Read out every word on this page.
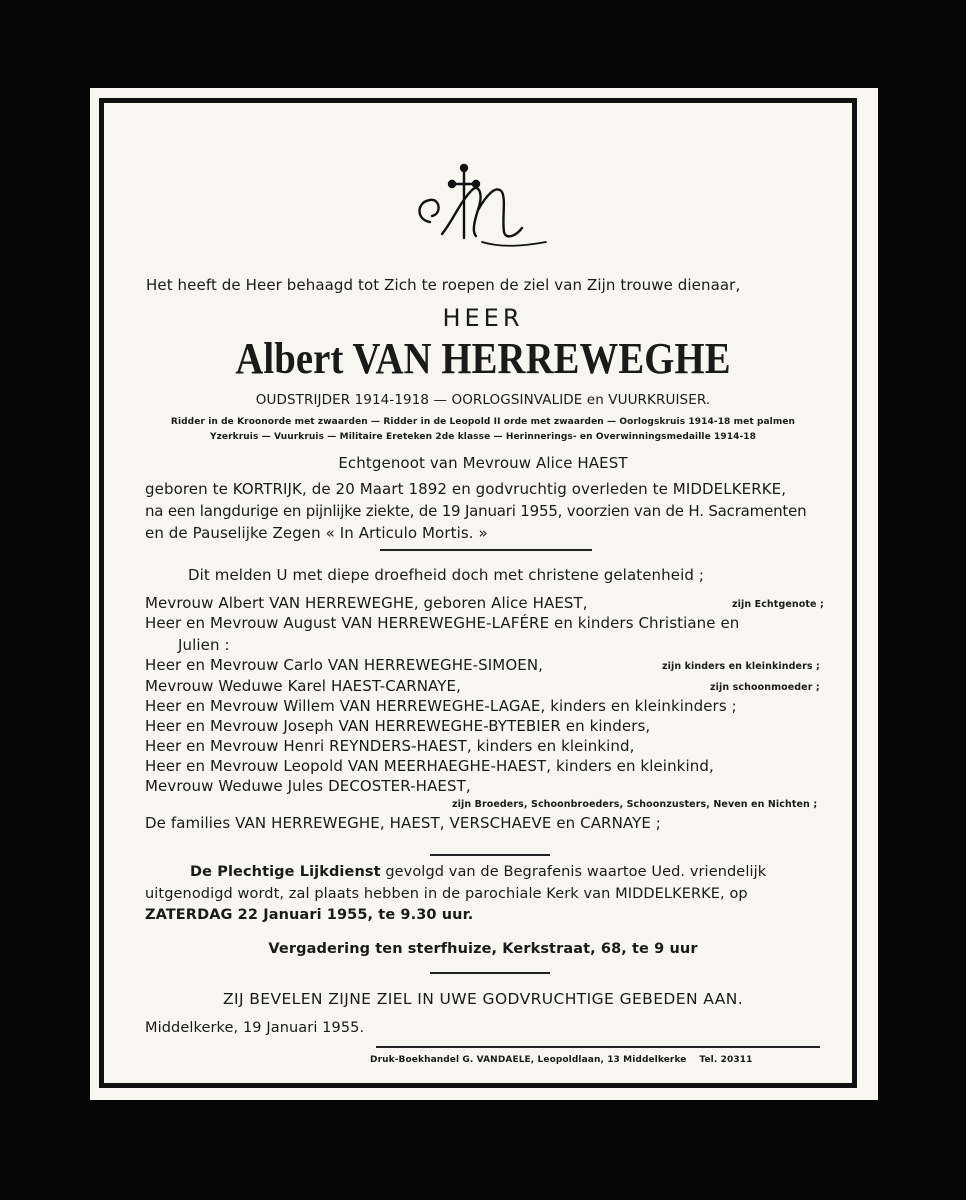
Het heeft de Heer behaagd tot Zich te roepen de ziel van Zijn trouwe dienaar,
HEER
Albert VAN HERREWEGHE
OUDSTRIJDER 1914-1918 — OORLOGSINVALIDE en VUURKRUISER.
Ridder in de Kroonorde met zwaarden — Ridder in de Leopold II orde met zwaarden — Oorlogskruis 1914-18 met palmen
Yzerkruis — Vuurkruis — Militaire Ereteken 2de klasse — Herinnerings- en Overwinningsmedaille 1914-18
Echtgenoot van Mevrouw Alice HAEST
geboren te KORTRIJK, de 20 Maart 1892 en godvruchtig overleden te MIDDELKERKE,
na een langdurige en pijnlijke ziekte, de 19 Januari 1955, voorzien van de H. Sacramenten
en de Pauselijke Zegen « In Articulo Mortis. »
Dit melden U met diepe droefheid doch met christene gelatenheid ;
Mevrouw Albert VAN HERREWEGHE, geboren Alice HAEST,	zijn Echtgenote ;
Heer en Mevrouw August VAN HERREWEGHE-LAFÉRE en kinders Christiane en
Julien :
Heer en Mevrouw Carlo VAN HERREWEGHE-SIMOEN,	zijn kinders en kleinkinders ;
Mevrouw Weduwe Karel HAEST-CARNAYE,	zijn schoonmoeder ;
Heer en Mevrouw Willem VAN HERREWEGHE-LAGAE, kinders en kleinkinders ;
Heer en Mevrouw Joseph VAN HERREWEGHE-BYTEBIER en kinders,
Heer en Mevrouw Henri REYNDERS-HAEST, kinders en kleinkind,
Heer en Mevrouw Leopold VAN MEERHAEGHE-HAEST, kinders en kleinkind,
Mevrouw Weduwe Jules DECOSTER-HAEST,
zijn Broeders, Schoonbroeders, Schoonzusters, Neven en Nichten ;
De families VAN HERREWEGHE, HAEST, VERSCHAEVE en CARNAYE ;
De Plechtige Lijkdienst gevolgd van de Begrafenis waartoe Ued. vriendelijk
uitgenodigd wordt, zal plaats hebben in de parochiale Kerk van MIDDELKERKE, op
ZATERDAG 22 Januari 1955, te 9.30 uur.
Vergadering ten sterfhuize, Kerkstraat, 68, te 9 uur
ZIJ BEVELEN ZIJNE ZIEL IN UWE GODVRUCHTIGE GEBEDEN AAN.
Middelkerke, 19 Januari 1955.
Druk-Boekhandel G. VANDAELE, Leopoldlaan, 13 Middelkerke    Tel. 20311
